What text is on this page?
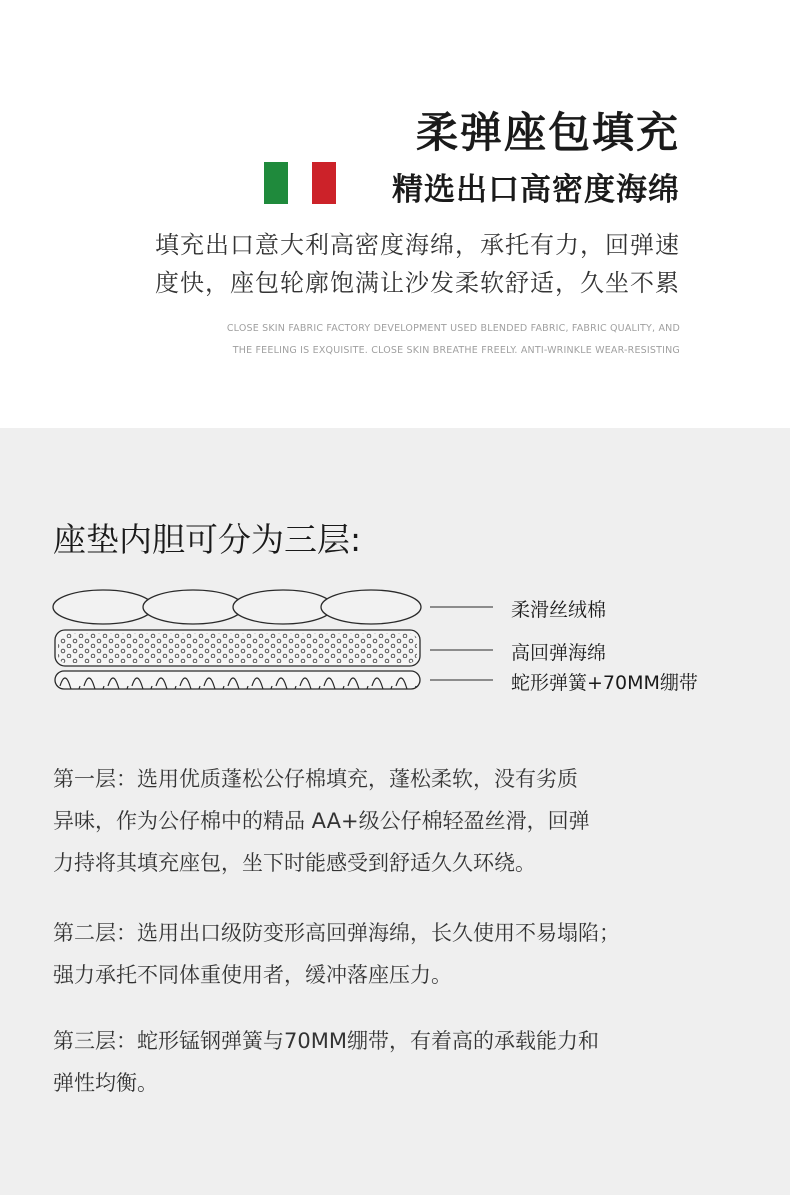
柔弹座包填充
精选出口高密度海绵
填充出口意大利高密度海绵，承托有力，回弹速
度快，座包轮廓饱满让沙发柔软舒适，久坐不累
CLOSE SKIN FABRIC FACTORY DEVELOPMENT USED BLENDED FABRIC, FABRIC QUALITY, AND
THE FEELING IS EXQUISITE. CLOSE SKIN BREATHE FREELY. ANTI-WRINKLE WEAR-RESISTING
座垫内胆可分为三层:
柔滑丝绒棉
高回弹海绵
蛇形弹簧+70MM绷带
第一层：选用优质蓬松公仔棉填充，蓬松柔软，没有劣质
异味，作为公仔棉中的精品 AA+级公仔棉轻盈丝滑，回弹
力持将其填充座包，坐下时能感受到舒适久久环绕。
第二层：选用出口级防变形高回弹海绵，长久使用不易塌陷；
强力承托不同体重使用者，缓冲落座压力。
第三层：蛇形锰钢弹簧与70MM绷带，有着高的承载能力和
弹性均衡。
